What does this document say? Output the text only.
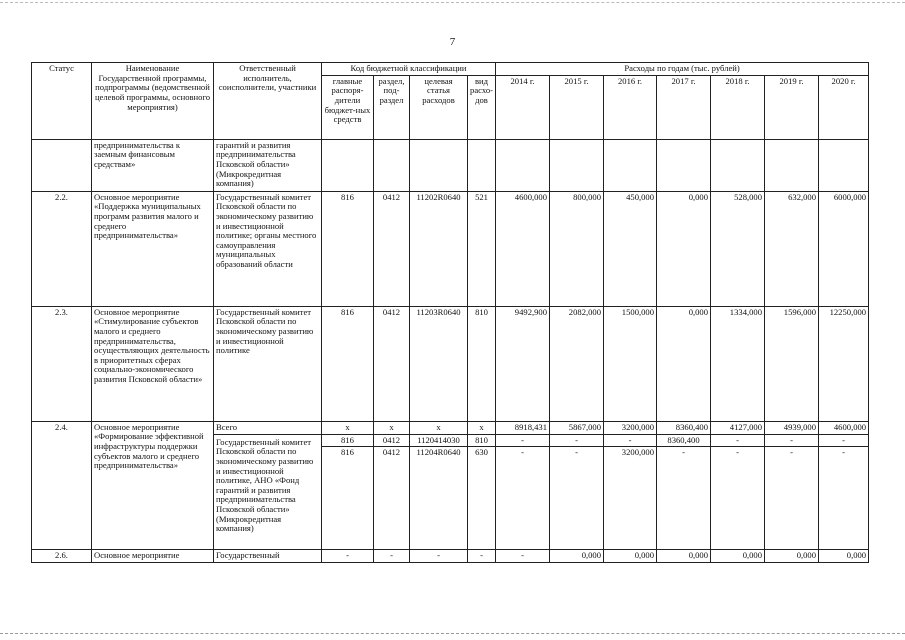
7
Статус	Наименование Государственной программы, подпрограммы (ведомственной целевой программы, основного мероприятия)	Ответственный исполнитель, соисполнители, участники	Код бюджетной классификации				Расходы по годам (тыс. рублей)						
			главные распоря-дители бюджет-ных средств	раздел, под-раздел	целевая статья расходов	вид расхо-дов	2014 г.	2015 г.	2016 г.	2017 г.	2018 г.	2019 г.	2020 г.
	предпринимательства к заемным финансовым средствам»	гарантий и развития предпринимательства Псковской области» (Микрокредитная компания)											
2.2.	Основное мероприятие «Поддержка муниципальных программ развития малого и среднего предпринимательства»	Государственный комитет Псковской области по экономическому развитию и инвестиционной политике; органы местного самоуправления муниципальных образований области	816	0412	11202R0640	521	4600,000	800,000	450,000	0,000	528,000	632,000	6000,000
2.3.	Основное мероприятие «Стимулирование субъектов малого и среднего предпринимательства, осуществляющих деятельность в приоритетных сферах социально-экономического развития Псковской области»	Государственный комитет Псковской области по экономическому развитию и инвестиционной политике	816	0412	11203R0640	810	9492,900	2082,000	1500,000	0,000	1334,000	1596,000	12250,000
2.4.	Основное мероприятие «Формирование эффективной инфраструктуры поддержки субъектов малого и среднего предпринимательства»	Всего	х	х	х	х	8918,431	5867,000	3200,000	8360,400	4127,000	4939,000	4600,000
		Государственный комитет Псковской области по экономическому развитию и инвестиционной политике, АНО «Фонд гарантий и развития предпринимательства Псковской области» (Микрокредитная компания)	816	0412	1120414030	810	-	-	-	8360,400	-	-	-
			816	0412	11204R0640	630	-	-	3200,000	-	-	-	-
2.6.	Основное мероприятие	Государственный	-	-	-	-	-	0,000	0,000	0,000	0,000	0,000	0,000
